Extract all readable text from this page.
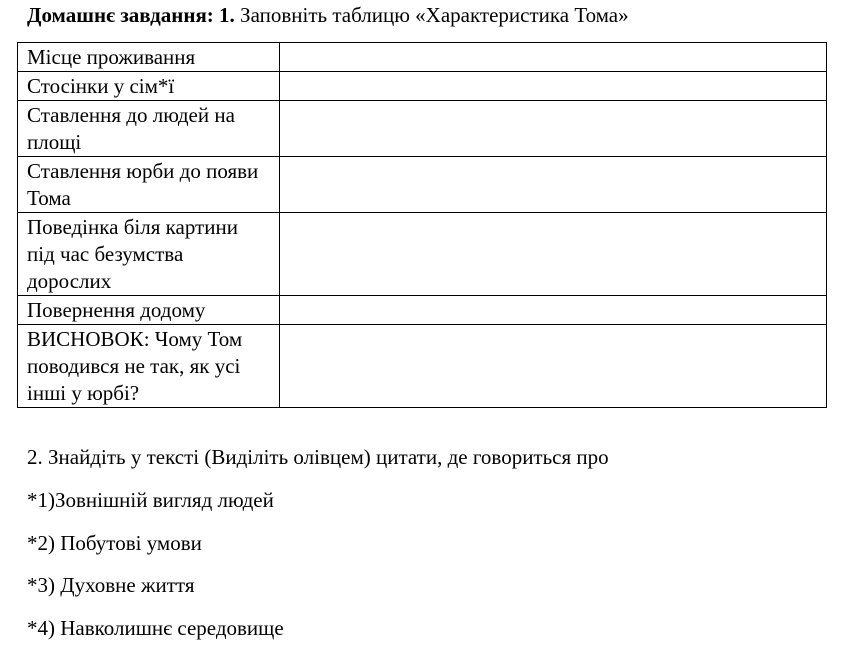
Домашнє завдання: 1. Заповніть таблицю «Характеристика Тома»
Місце проживання	
Стосінки у сім*ї	
Ставлення до людей на площі	
Ставлення юрби до появи Тома	
Поведінка біля картини під час безумства дорослих	
Повернення додому	
ВИСНОВОК: Чому Том поводився не так, як усі інші у юрбі?	
2. Знайдіть у тексті (Виділіть олівцем) цитати, де говориться про
*1)Зовнішній вигляд людей
*2) Побутові умови
*3) Духовне життя
*4) Навколишнє середовище
